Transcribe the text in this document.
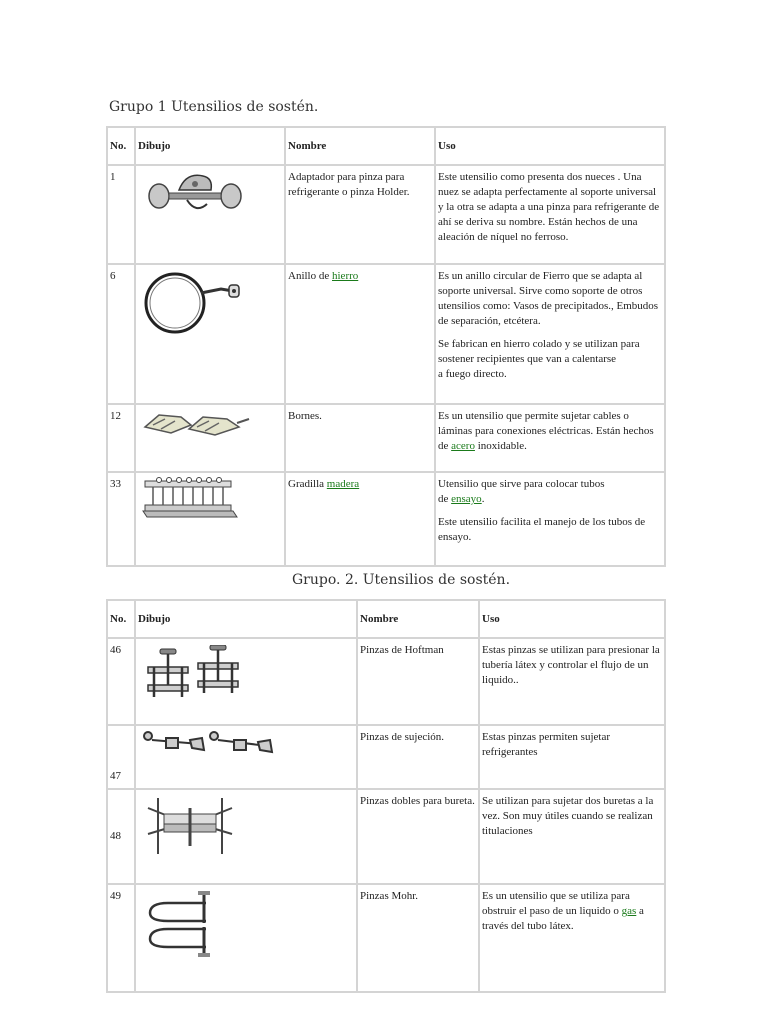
Grupo 1 Utensilios de sostén.
No.	Dibujo	Nombre	Uso
1		Adaptador para pinza para refrigerante o pinza Holder.	Este utensilio como presenta dos nueces . Una nuez se adapta perfectamente al soporte universal y la otra se adapta a una pinza para refrigerante de ahí se deriva su nombre. Están hechos de una aleación de níquel no ferroso.
6		Anillo de hierro	Es un anillo circular de Fierro que se adapta al soporte universal. Sirve como soporte de otros utensilios como: Vasos de precipitados., Embudos de separación, etcétera.

Se fabrican en hierro colado y se utilizan para sostener recipientes que van a calentarse
a fuego directo.

12		Bornes.	Es un utensilio que permite sujetar cables o láminas para conexiones eléctricas. Están hechos de acero inoxidable.
33		Gradilla madera	Utensilio que sirve para colocar tubos
de ensayo.

Este utensilio facilita el manejo de los tubos de ensayo.

Grupo. 2. Utensilios de sostén.
No.	Dibujo	Nombre	Uso
46		Pinzas de Hoftman	Estas pinzas se utilizan para presionar la tubería látex y controlar el flujo de un liquido..
47		Pinzas de sujeción.	Estas pinzas permiten sujetar refrigerantes
48		Pinzas dobles para bureta.	Se utilizan para sujetar dos buretas a la vez. Son muy útiles cuando se realizan titulaciones
49		Pinzas Mohr.	Es un utensilio que se utiliza para obstruir el paso de un liquido o gas a través del tubo látex.
